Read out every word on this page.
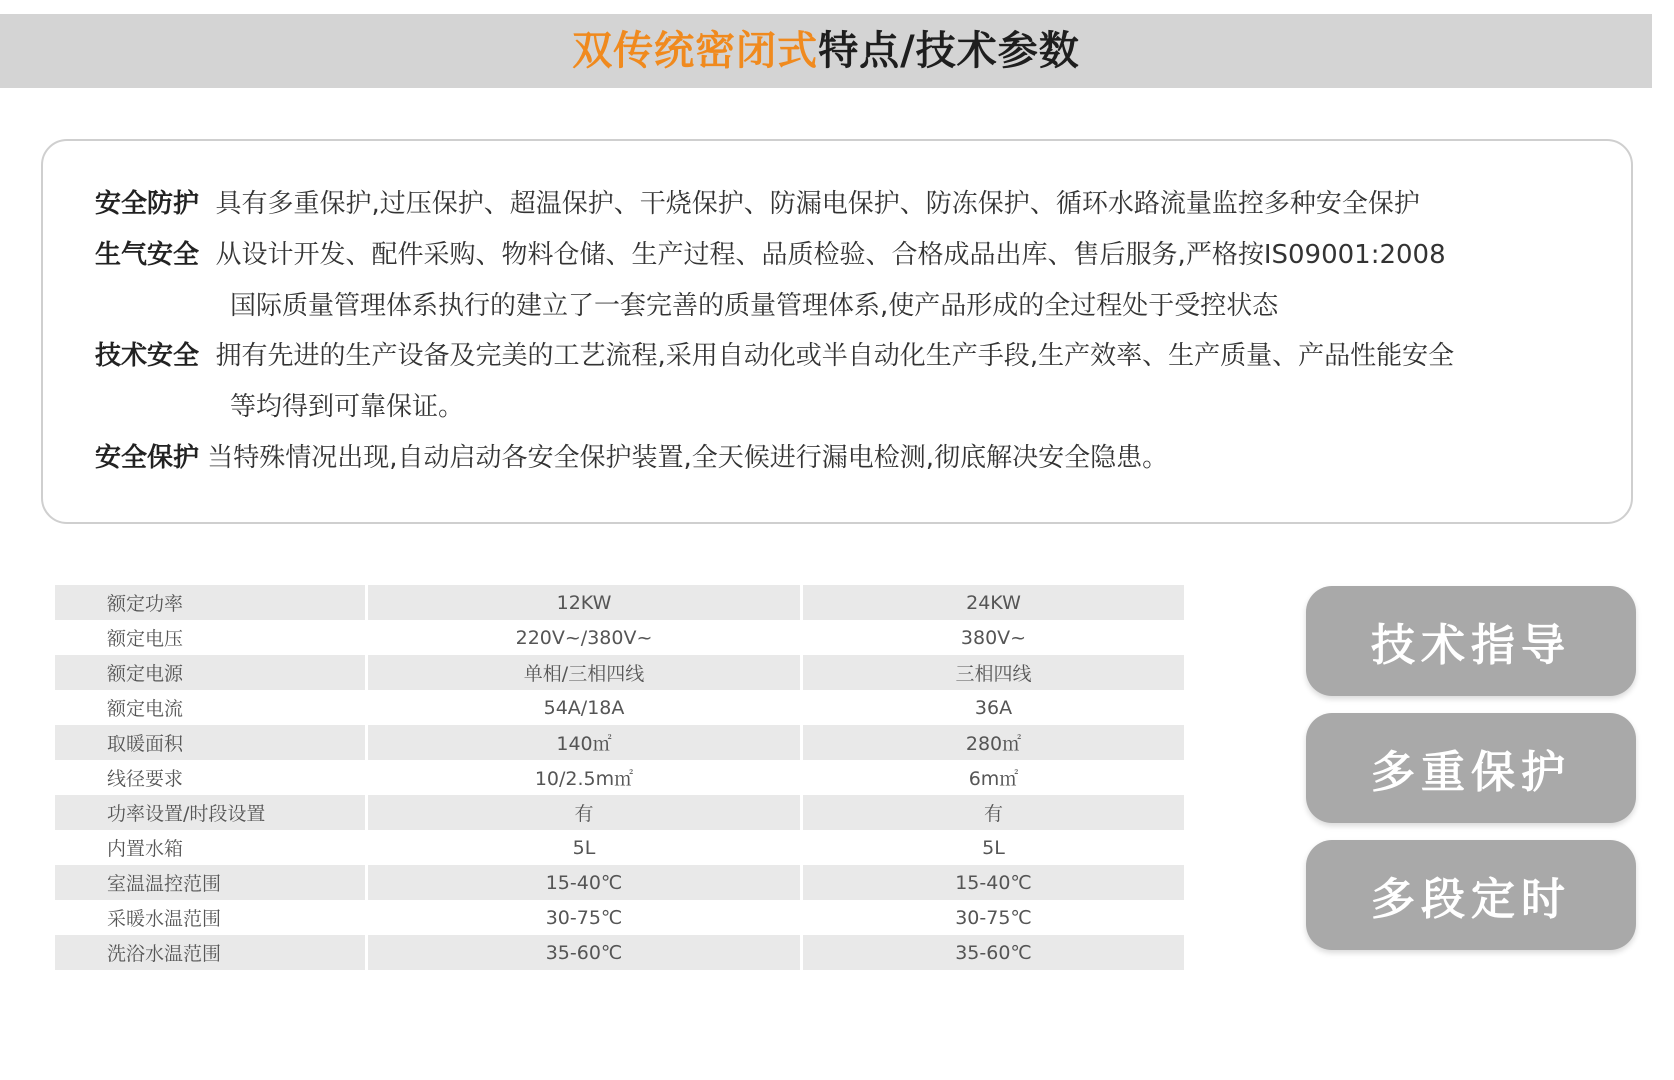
双传统密闭式特点/技术参数
安全防护 具有多重保护,过压保护、超温保护、干烧保护、防漏电保护、防冻保护、循环水路流量监控多种安全保护
生气安全 从设计开发、配件采购、物料仓储、生产过程、品质检验、合格成品出库、售后服务,严格按IS09001:2008
国际质量管理体系执行的建立了一套完善的质量管理体系,使产品形成的全过程处于受控状态
技术安全 拥有先进的生产设备及完美的工艺流程,采用自动化或半自动化生产手段,生产效率、生产质量、产品性能安全
等均得到可靠保证。
安全保护 当特殊情况出现,自动启动各安全保护装置,全天候进行漏电检测,彻底解决安全隐患。
额定功率	12KW	24KW
额定电压	220V~/380V~	380V~
额定电源	单相/三相四线	三相四线
额定电流	54A/18A	36A
取暖面积	140㎡	280㎡
线径要求	10/2.5m㎡	6m㎡
功率设置/时段设置	有	有
内置水箱	5L	5L
室温温控范围	15-40℃	15-40℃
采暖水温范围	30-75℃	30-75℃
洗浴水温范围	35-60℃	35-60℃
技术指导
多重保护
多段定时
